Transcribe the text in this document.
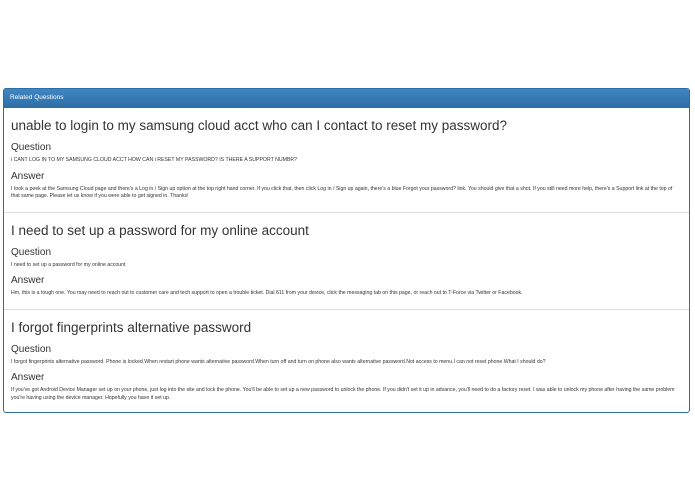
Related Questions
unable to login to my samsung cloud acct who can I contact to reset my password?
Question

i CANT LOG IN TO MY SAMSUNG CLOUD ACCT HOW CAN i RESET MY PASSWORD? IS THERE A SUPPORT NUMBR?

Answer

I took a peek at the Samsung Cloud page and there's a Log in / Sign up option at the top right hand corner. If you click that, then click Log in / Sign up again, there's a blue Forgot your password? link. You should give that a shot. If you still need more help, there's a Support link at the top of that same page. Please let us know if you were able to get signed in. Thanks!

I need to set up a password for my online account
Question

I need to set up a password for my online account

Answer

Hm, this is a tough one. You may need to reach out to customer care and tech support to open a trouble ticket. Dial 611 from your device, click the messaging tab on this page, or reach out to T-Force via Twitter or Facebook.

I forgot fingerprints alternative password
Question

I forgot fingerprints alternative password. Phone is locked.When restart phone wants alternative password.When turn off and turn on phone also wants alternative password.Not access to menu.I can not reset phone.What I should do?

Answer

If you've got Android Device Manager set up on your phone, just log into the site and lock the phone. You'll be able to set up a new password to unlock the phone. If you didn't set it up in advance, you'll need to do a factory reset. I was able to unlock my phone after having the same problem you're having using the device manager. Hopefully you have it set up.
